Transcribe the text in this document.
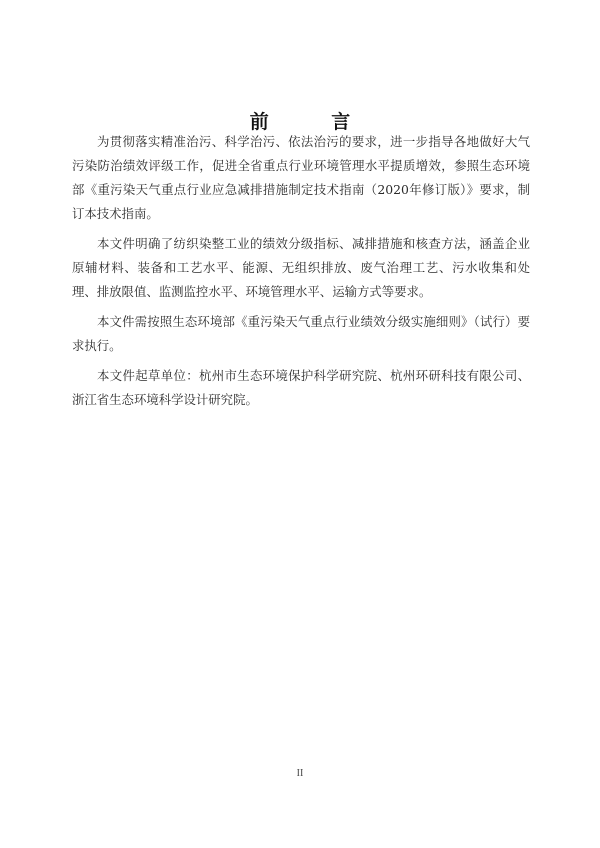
前 言

为贯彻落实精准治污、科学治污、依法治污的要求，进一步指导各地做好大气污染防治绩效评级工作，促进全省重点行业环境管理水平提质增效，参照生态环境部《重污染天气重点行业应急减排措施制定技术指南（2020年修订版）》要求，制订本技术指南。

本文件明确了纺织染整工业的绩效分级指标、减排措施和核查方法，涵盖企业原辅材料、装备和工艺水平、能源、无组织排放、废气治理工艺、污水收集和处理、排放限值、监测监控水平、环境管理水平、运输方式等要求。

本文件需按照生态环境部《重污染天气重点行业绩效分级实施细则》（试行）要求执行。

本文件起草单位：杭州市生态环境保护科学研究院、杭州环研科技有限公司、浙江省生态环境科学设计研究院。

II
